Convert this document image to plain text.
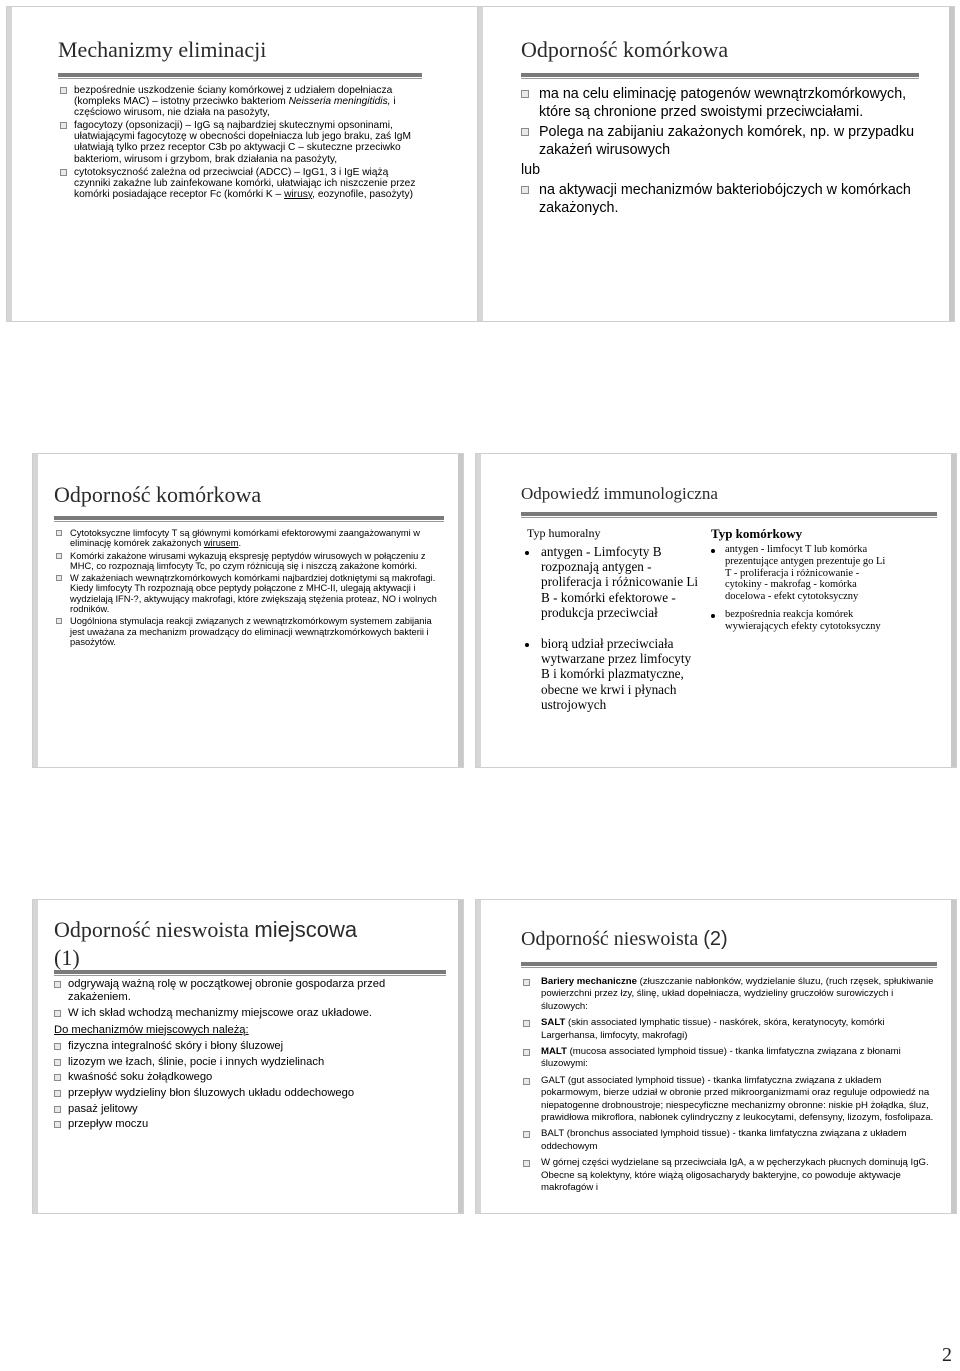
Mechanizmy eliminacji
bezpośrednie uszkodzenie ściany komórkowej z udziałem dopełniacza (kompleks MAC) – istotny przeciwko bakteriom Neisseria meningitidis, i częściowo wirusom, nie działa na pasożyty,
fagocytozy (opsonizacji) – IgG są najbardziej skutecznymi opsoninami, ułatwiającymi fagocytozę w obecności dopełniacza lub jego braku, zaś IgM ułatwiają tylko przez receptor C3b po aktywacji C – skuteczne przeciwko bakteriom, wirusom i grzybom, brak działania na pasożyty,
cytotoksyczność zależna od przeciwciał (ADCC) – IgG1, 3 i IgE wiążą czynniki zakaźne lub zainfekowane komórki, ułatwiając ich niszczenie przez komórki posiadające receptor Fc (komórki K – wirusy, eozynofile, pasożyty)
Odporność komórkowa
ma na celu eliminację patogenów wewnątrzkomórkowych, które są chronione przed swoistymi przeciwciałami.
Polega na zabijaniu zakażonych komórek, np. w przypadku zakażeń wirusowych
lub
na aktywacji mechanizmów bakteriobójczych w komórkach zakażonych.
Odporność komórkowa
Cytotoksyczne limfocyty T są głównymi komórkami efektorowymi zaangażowanymi w eliminację komórek zakażonych wirusem.
Komórki zakażone wirusami wykazują ekspresję peptydów wirusowych w połączeniu z MHC, co rozpoznają limfocyty Tc, po czym różnicują się i niszczą zakażone komórki.
W zakażeniach wewnątrzkomórkowych komórkami najbardziej dotkniętymi są makrofagi. Kiedy limfocyty Th rozpoznają obce peptydy połączone z MHC-II, ulegają aktywacji i wydzielają IFN-?, aktywujący makrofagi, które zwiększają stężenia proteaz, NO i wolnych rodników.
Uogólniona stymulacja reakcji związanych z wewnątrzkomórkowym systemem zabijania jest uważana za mechanizm prowadzący do eliminacji wewnątrzkomórkowych bakterii i pasożytów.
Odpowiedź immunologiczna
Typ humoralny
antygen - Limfocyty B rozpoznają antygen - proliferacja i różnicowanie Li B - komórki efektorowe - produkcja przeciwciał
biorą udział przeciwciała wytwarzane przez limfocyty B i komórki plazmatyczne, obecne we krwi i płynach ustrojowych
Typ komórkowy
antygen - limfocyt T lub komórka prezentujące antygen prezentuje go Li T - proliferacja i różnicowanie - cytokiny - makrofag - komórka docelowa - efekt cytotoksyczny
bezpośrednia reakcja komórek wywierających efekty cytotoksyczny
Odporność nieswoista miejscowa
(1)
odgrywają ważną rolę w początkowej obronie gospodarza przed zakażeniem.
W ich skład wchodzą mechanizmy miejscowe oraz układowe.
Do mechanizmów miejscowych należą:
fizyczna integralność skóry i błony śluzowej
lizozym we łzach, ślinie, pocie i innych wydzielinach
kwaśność soku żołądkowego
przepływ wydzieliny błon śluzowych układu oddechowego
pasaż jelitowy
przepływ moczu
Odporność nieswoista (2)
Bariery mechaniczne (złuszczanie nabłonków, wydzielanie śluzu, (ruch rzęsek, spłukiwanie powierzchni przez łzy, ślinę, układ dopełniacza, wydzieliny gruczołów surowiczych i śluzowych:
SALT (skin associated lymphatic tissue) - naskórek, skóra, keratynocyty, komórki Largerhansa, limfocyty, makrofagi)
MALT (mucosa associated lymphoid tissue) - tkanka limfatyczna związana z błonami śluzowymi:
GALT (gut associated lymphoid tissue) - tkanka limfatyczna związana z układem pokarmowym, bierze udział w obronie przed mikroorganizmami oraz reguluje odpowiedź na niepatogenne drobnoustroje; niespecyficzne mechanizmy obronne: niskie pH żołądka, śluz, prawidłowa mikroflora, nabłonek cylindryczny z leukocytami, defensyny, lizozym, fosfolipaza.
BALT (bronchus associated lymphoid tissue) - tkanka limfatyczna związana z układem oddechowym
W górnej części wydzielane są przeciwciała IgA, a w pęcherzykach płucnych dominują IgG. Obecne są kolektyny, które wiążą oligosacharydy bakteryjne, co powoduje aktywacje makrofagów i
2
